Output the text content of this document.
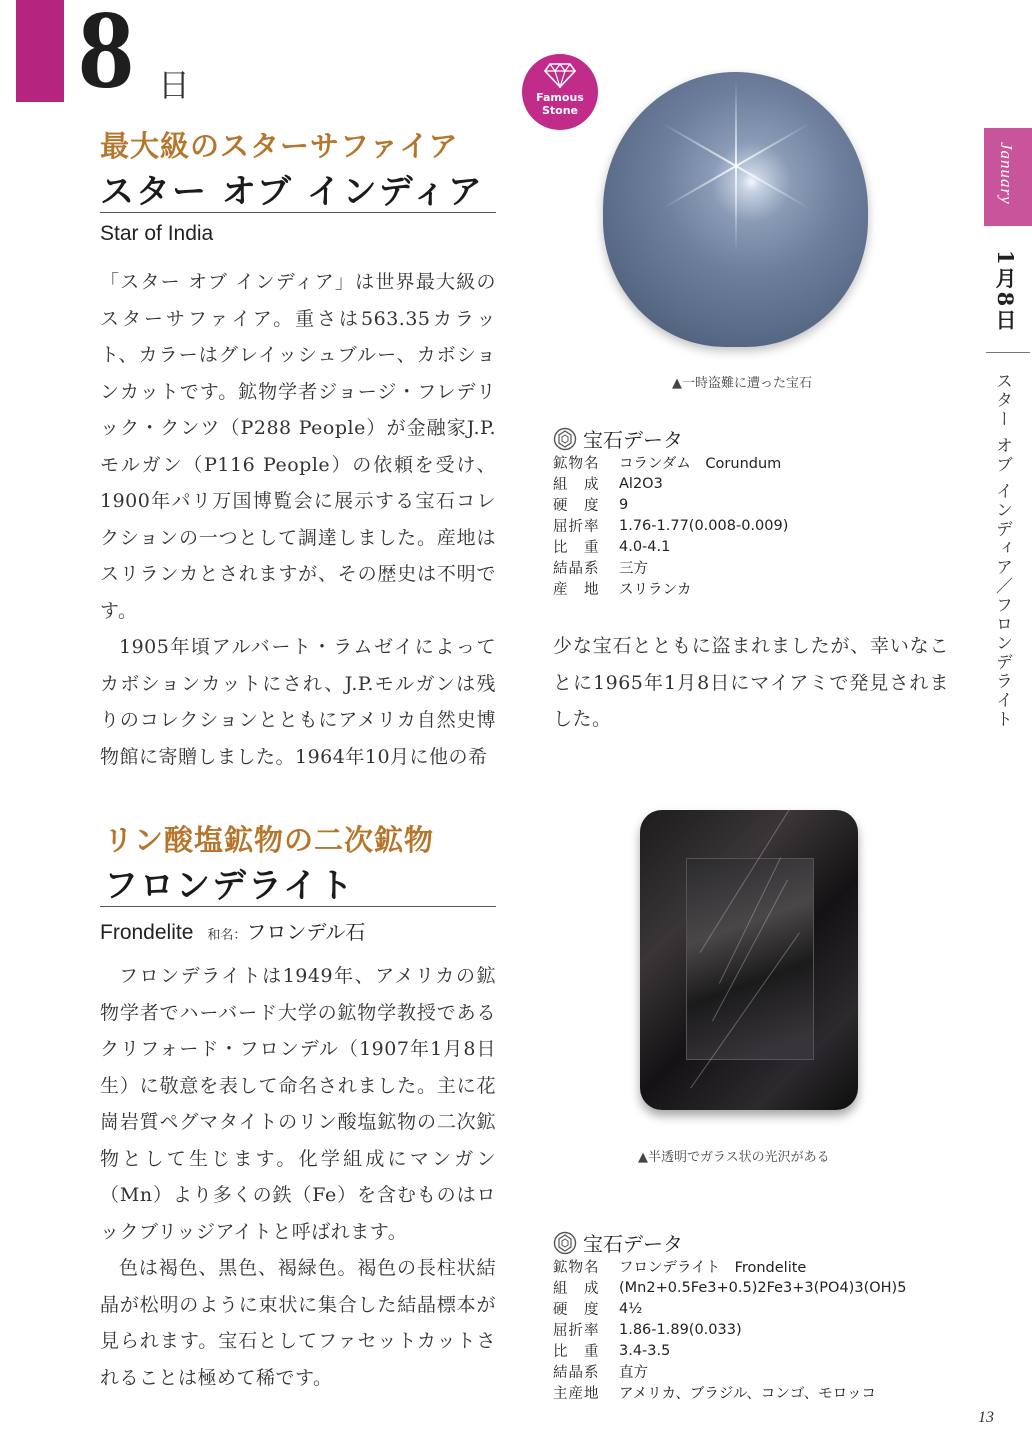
8 日
January
1月8日
スター オブ インディア／フロンデライト
13
最大級のスターサファイア
スター オブ インディア
Star of India

「スター オブ インディア」は世界最大級のスターサファイア。重さは563.35カラット、カラーはグレイッシュブルー、カボションカットです。鉱物学者ジョージ・フレデリック・クンツ（P288 People）が金融家J.P.モルガン（P116 People）の依頼を受け、1900年パリ万国博覧会に展示する宝石コレクションの一つとして調達しました。産地はスリランカとされますが、その歴史は不明です。

1905年頃アルバート・ラムゼイによってカボションカットにされ、J.P.モルガンは残りのコレクションとともにアメリカ自然史博物館に寄贈しました。1964年10月に他の希

少な宝石とともに盗まれましたが、幸いなことに1965年1月8日にマイアミで発見されました。
Famous
Stone
▲一時盗難に遭った宝石
宝石データ
鉱物名	コランダム　Corundum
組　成	Al2O3
硬　度	9
屈折率	1.76-1.77(0.008-0.009)
比　重	4.0-4.1
結晶系	三方
産　地	スリランカ
リン酸塩鉱物の二次鉱物
フロンデライト
Frondelite 和名：フロンデル石

フロンデライトは1949年、アメリカの鉱物学者でハーバード大学の鉱物学教授であるクリフォード・フロンデル（1907年1月8日生）に敬意を表して命名されました。主に花崗岩質ペグマタイトのリン酸塩鉱物の二次鉱物として生じます。化学組成にマンガン（Mn）より多くの鉄（Fe）を含むものはロックブリッジアイトと呼ばれます。

色は褐色、黒色、褐緑色。褐色の長柱状結晶が松明のように束状に集合した結晶標本が見られます。宝石としてファセットカットされることは極めて稀です。

▲半透明でガラス状の光沢がある
宝石データ
鉱物名	フロンデライト　Frondelite
組　成	(Mn2+0.5Fe3+0.5)2Fe3+3(PO4)3(OH)5
硬　度	4½
屈折率	1.86-1.89(0.033)
比　重	3.4-3.5
結晶系	直方
主産地	アメリカ、ブラジル、コンゴ、モロッコ
